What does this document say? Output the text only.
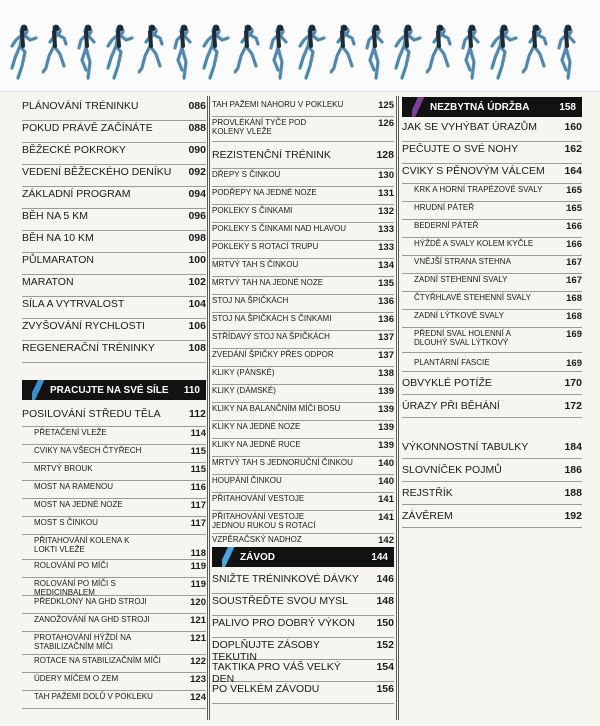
PLÁNOVÁNÍ TRÉNINKU	086
POKUD PRÁVĚ ZAČÍNÁTE	088
BĚŽECKÉ POKROKY	090
VEDENÍ BĚŽECKÉHO DENÍKU	092
ZÁKLADNÍ PROGRAM	094
BĚH NA 5 KM	096
BĚH NA 10 KM	098
PŮLMARATON	100
MARATON	102
SÍLA A VYTRVALOST	104
ZVYŠOVÁNÍ RYCHLOSTI	106
REGENERAČNÍ TRÉNINKY	108
PRACUJTE NA SVÉ SÍLE 110
POSILOVÁNÍ STŘEDU TĚLA	112
PŘETAČENÍ VLEŽE	114
CVIKY NA VŠECH ČTYŘECH	115
MRTVÝ BROUK	115
MOST NA RAMENOU	116
MOST NA JEDNÉ NOZE	117
MOST S ČINKOU	117
PŘITAHOVÁNÍ KOLENA K LOKTI VLEŽE	118
ROLOVÁNÍ PO MÍČI	119
ROLOVÁNÍ PO MÍČI S MEDICINBALEM
119
PŘEDKLONY NA GHD STROJI	120
ZANOŽOVÁNÍ NA GHD STROJI	121
PROTAHOVÁNÍ HÝŽDÍ NA STABILIZAČNÍM MÍČI
121
ROTACE NA STABILIZAČNÍM MÍČI	122
ÚDERY MÍČEM O ZEM	123
TAH PAŽEMI DOLŮ V POKLEKU	124
TAH PAŽEMI NAHORU V POKLEKU	125
PROVLÉKÁNÍ TYČE POD KOLENY VLEŽE
126
REZISTENČNÍ TRÉNINK	128
DŘEPY S ČINKOU	130
PODŘEPY NA JEDNÉ NOZE	131
POKLEKY S ČINKAMI	132
POKLEKY S ČINKAMI NAD HLAVOU	133
POKLEKY S ROTACÍ TRUPU	133
MRTVÝ TAH S ČINKOU	134
MRTVÝ TAH NA JEDNÉ NOZE	135
STOJ NA ŠPIČKÁCH	136
STOJ NA ŠPIČKÁCH S ČINKAMI	136
STŘÍDAVÝ STOJ NA ŠPIČKÁCH	137
ZVEDÁNÍ ŠPIČKY PŘES ODPOR	137
KLIKY (PÁNSKÉ)	138
KLIKY (DÁMSKÉ)	139
KLIKY NA BALANČNÍM MÍČI BOSU	139
KLIKY NA JEDNÉ NOZE	139
KLIKY NA JEDNÉ RUCE	139
MRTVÝ TAH S JEDNORUČNÍ ČINKOU	140
HOUPÁNÍ ČINKOU	140
PŘITAHOVÁNÍ VESTOJE	141
PŘITAHOVÁNÍ VESTOJE JEDNOU RUKOU S ROTACÍ
141
VZPĚRAČSKÝ NADHOZ	142
ZÁVOD	144
SNIŽTE TRÉNINKOVÉ DÁVKY	146
SOUSTŘEĎTE SVOU MYSL	148
PALIVO PRO DOBRÝ VÝKON	150
DOPLŇUJTE ZÁSOBY TEKUTIN
152
TAKTIKA PRO VÁŠ VELKÝ DEN
154
PO VELKÉM ZÁVODU	156
NEZBYTNÁ ÚDRŽBA	158
JAK SE VYHÝBAT ÚRAZŮM	160
PEČUJTE O SVÉ NOHY	162
CVIKY S PĚNOVÝM VÁLCEM	164
KRK A HORNÍ TRAPÉZOVÉ SVALY	165
HRUDNÍ PÁTEŘ	165
BEDERNÍ PÁTEŘ	166
HÝŽDĚ A SVALY KOLEM KYČLE	166
VNĚJŠÍ STRANA STEHNA	167
ZADNÍ STEHENNÍ SVALY	167
ČTYŘHLAVÉ STEHENNÍ SVALY	168
ZADNÍ LÝTKOVÉ SVALY	168
PŘEDNÍ SVAL HOLENNÍ A DLOUHÝ SVAL LÝTKOVÝ
169
PLANTÁRNÍ FASCIE	169
OBVYKLÉ POTÍŽE	170
ÚRAZY PŘI BĚHÁNÍ	172
VÝKONNOSTNÍ TABULKY	184
SLOVNÍČEK POJMŮ	186
REJSTŘÍK	188
ZÁVĚREM	192
